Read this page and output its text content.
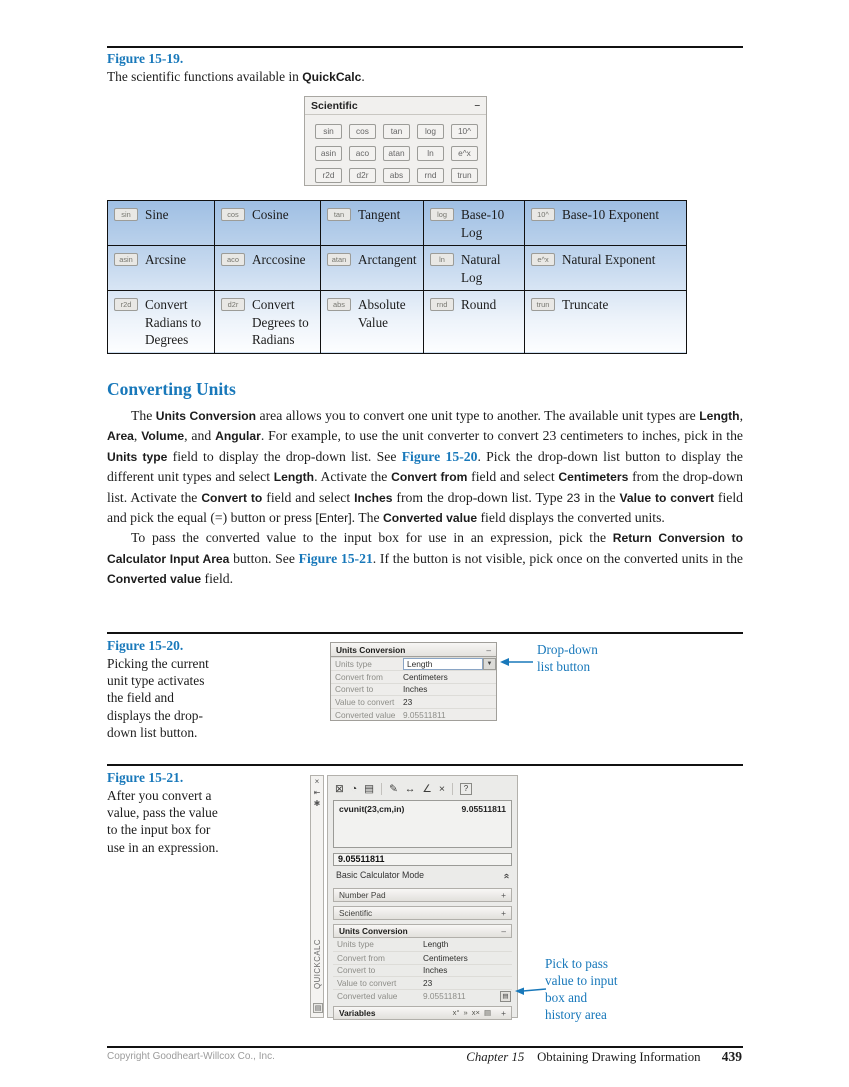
Figure 15-19.
The scientific functions available in QuickCalc.
Scientific	–
sin	cos	tan	log	10^
asin	aco	atan	ln	e^x
r2d	d2r	abs	rnd	trun
sin Sine	cos Cosine	tan Tangent	log Base-10 Log	10^ Base-10 Exponent

asin Arcsine	aco Arccosine	atan Arctangent	ln Natural Log	e^x Natural Exponent

r2d Convert Radians to Degrees	d2r Convert Degrees to Radians	abs Absolute Value	rnd Round	trun Truncate
Converting Units

The Units Conversion area allows you to convert one unit type to another. The available unit types are Length, Area, Volume, and Angular. For example, to use the unit converter to convert 23 centimeters to inches, pick in the Units type field to display the drop-down list. See Figure 15-20. Pick the drop-down list button to display the different unit types and select Length. Activate the Convert from field and select Centimeters from the drop-down list. Activate the Convert to field and select Inches from the drop-down list. Type 23 in the Value to convert field and pick the equal (=) button or press [Enter]. The Converted value field displays the converted units.

To pass the converted value to the input box for use in an expression, pick the Return Conversion to Calculator Input Area button. See Figure 15-21. If the button is not visible, pick once on the converted units in the Converted value field.

Figure 15-20.
Picking the current
unit type activates
the field and
displays the drop-
down list button.
Units Conversion	–
Units type	Length	▼
Convert from	Centimeters
Convert to	Inches
Value to convert	23
Converted value 9.05511811
Drop-down
list button
Figure 15-21.
After you convert a
value, pass the value
to the input box for
use in an expression.
×
⇤
✱
QUICKCALC
▤
⊠ ◔ ▤ ✎ ↔ ∠ ×	?
cvunit(23,cm,in)	9.05511811
9.05511811
Basic Calculator Mode	«
Number Pad	+
Scientific	+
Units Conversion	–
Units type	Length
Convert from	Centimeters
Convert to	Inches
Value to convert	23
Converted value	9.05511811	▤
Variables	x° » x× ▤ +
Pick to pass
value to input
box and
history area
Copyright Goodheart-Willcox Co., Inc.	Chapter 15 Obtaining Drawing Information 439
